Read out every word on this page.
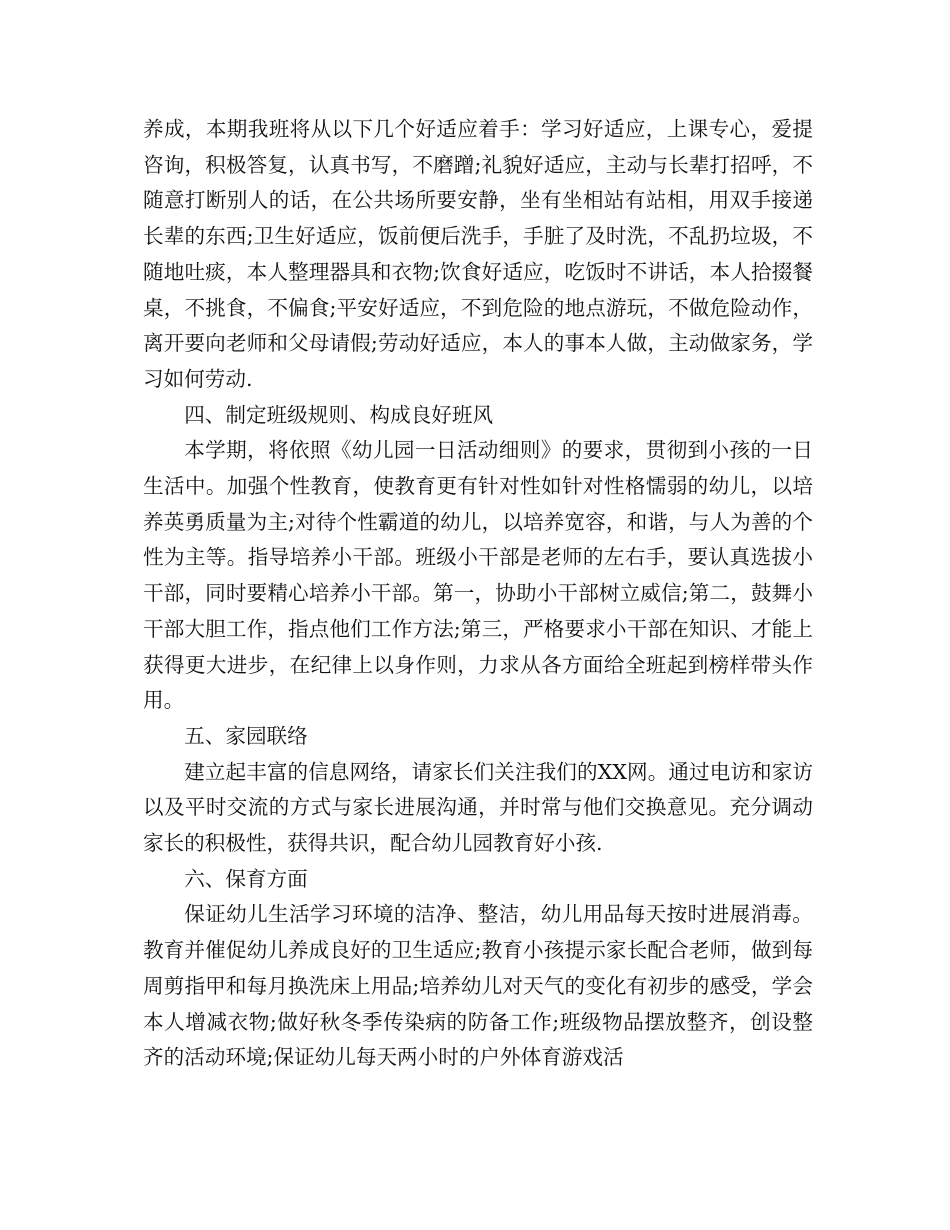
养成，本期我班将从以下几个好适应着手：学习好适应，上课专心，爱提咨询，积极答复，认真书写，不磨蹭;礼貌好适应，主动与长辈打招呼，不随意打断别人的话，在公共场所要安静，坐有坐相站有站相，用双手接递长辈的东西;卫生好适应，饭前便后洗手，手脏了及时洗，不乱扔垃圾，不随地吐痰，本人整理器具和衣物;饮食好适应，吃饭时不讲话，本人拾掇餐桌，不挑食，不偏食;平安好适应，不到危险的地点游玩，不做危险动作，离开要向老师和父母请假;劳动好适应，本人的事本人做，主动做家务，学习如何劳动.

四、制定班级规则、构成良好班风

本学期，将依照《幼儿园一日活动细则》的要求，贯彻到小孩的一日生活中。加强个性教育，使教育更有针对性如针对性格懦弱的幼儿，以培养英勇质量为主;对待个性霸道的幼儿，以培养宽容，和谐，与人为善的个性为主等。指导培养小干部。班级小干部是老师的左右手，要认真选拔小干部，同时要精心培养小干部。第一，协助小干部树立威信;第二，鼓舞小干部大胆工作，指点他们工作方法;第三，严格要求小干部在知识、才能上获得更大进步，在纪律上以身作则，力求从各方面给全班起到榜样带头作用。

五、家园联络

建立起丰富的信息网络，请家长们关注我们的XX网。通过电访和家访以及平时交流的方式与家长进展沟通，并时常与他们交换意见。充分调动家长的积极性，获得共识，配合幼儿园教育好小孩.

六、保育方面

保证幼儿生活学习环境的洁净、整洁，幼儿用品每天按时进展消毒。教育并催促幼儿养成良好的卫生适应;教育小孩提示家长配合老师，做到每周剪指甲和每月换洗床上用品;培养幼儿对天气的变化有初步的感受，学会本人增减衣物;做好秋冬季传染病的防备工作;班级物品摆放整齐，创设整齐的活动环境;保证幼儿每天两小时的户外体育游戏活
